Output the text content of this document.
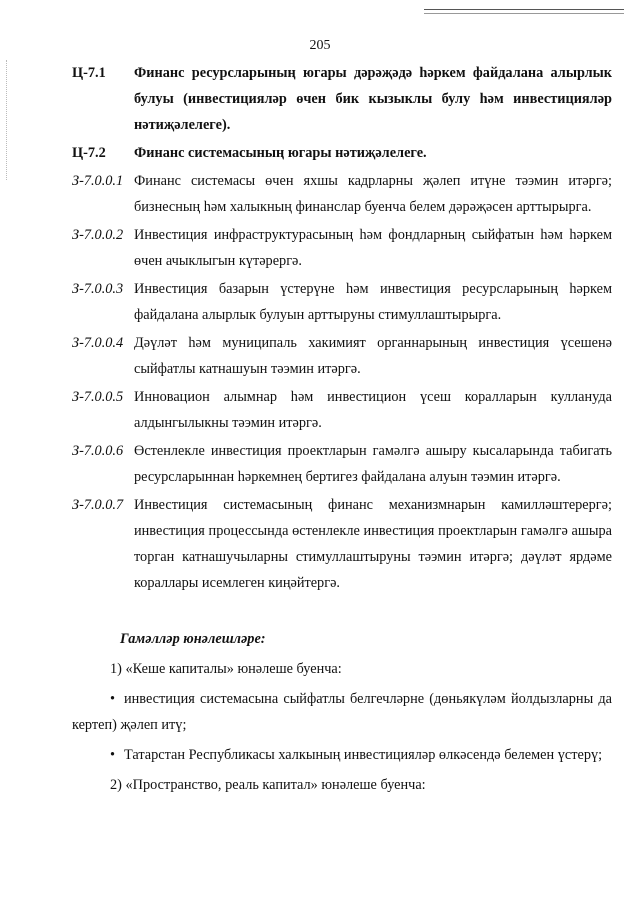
205
Ц-7.1	Финанс ресурсларының югары дәрәҗәдә һәркем файдалана алырлык булуы (инвестицияләр өчен бик кызыклы булу һәм инвестицияләр нәтиҗәлелеге).
Ц-7.2	Финанс системасының югары нәтиҗәлелеге.
З-7.0.0.1 Финанс системасы өчен яхшы кадрларны җәлеп итүне тәэмин итәргә; бизнесның һәм халыкның финанслар буенча белем дәрәҗәсен арттырырга.
З-7.0.0.2 Инвестиция инфраструктурасының һәм фондларның сыйфатын һәм һәркем өчен ачыклыгын күтәрергә.
З-7.0.0.3 Инвестиция базарын үстерүне һәм инвестиция ресурсларының һәркем файдалана алырлык булуын арттыруны стимуллаштырырга.
З-7.0.0.4 Дәүләт һәм муниципаль хакимият органнарының инвестиция үсешенә сыйфатлы катнашуын тәэмин итәргә.
З-7.0.0.5 Инновацион алымнар һәм инвестицион үсеш коралларын куллануда алдынгылыкны тәэмин итәргә.
З-7.0.0.6 Өстенлекле инвестиция проектларын гамәлгә ашыру кысаларында табигать ресурсларыннан һәркемнең бертигез файдалана алуын тәэмин итәргә.
З-7.0.0.7 Инвестиция системасының финанс механизмнарын камилләштерергә; инвестиция процессында өстенлекле инвестиция проектларын гамәлгә ашыра торган катнашучыларны стимуллаштыруны тәэмин итәргә; дәүләт ярдәме кораллары исемлеген киңәйтергә.
Гамәлләр юнәлешләре:
1) «Кеше капиталы» юнәлеше буенча:
• инвестиция системасына сыйфатлы белгечләрне (дөньякүләм йолдызларны да кертеп) җәлеп итү;
• Татарстан Республикасы халкының инвестицияләр өлкәсендә белемен үстерү;
2) «Пространство, реаль капитал» юнәлеше буенча:
